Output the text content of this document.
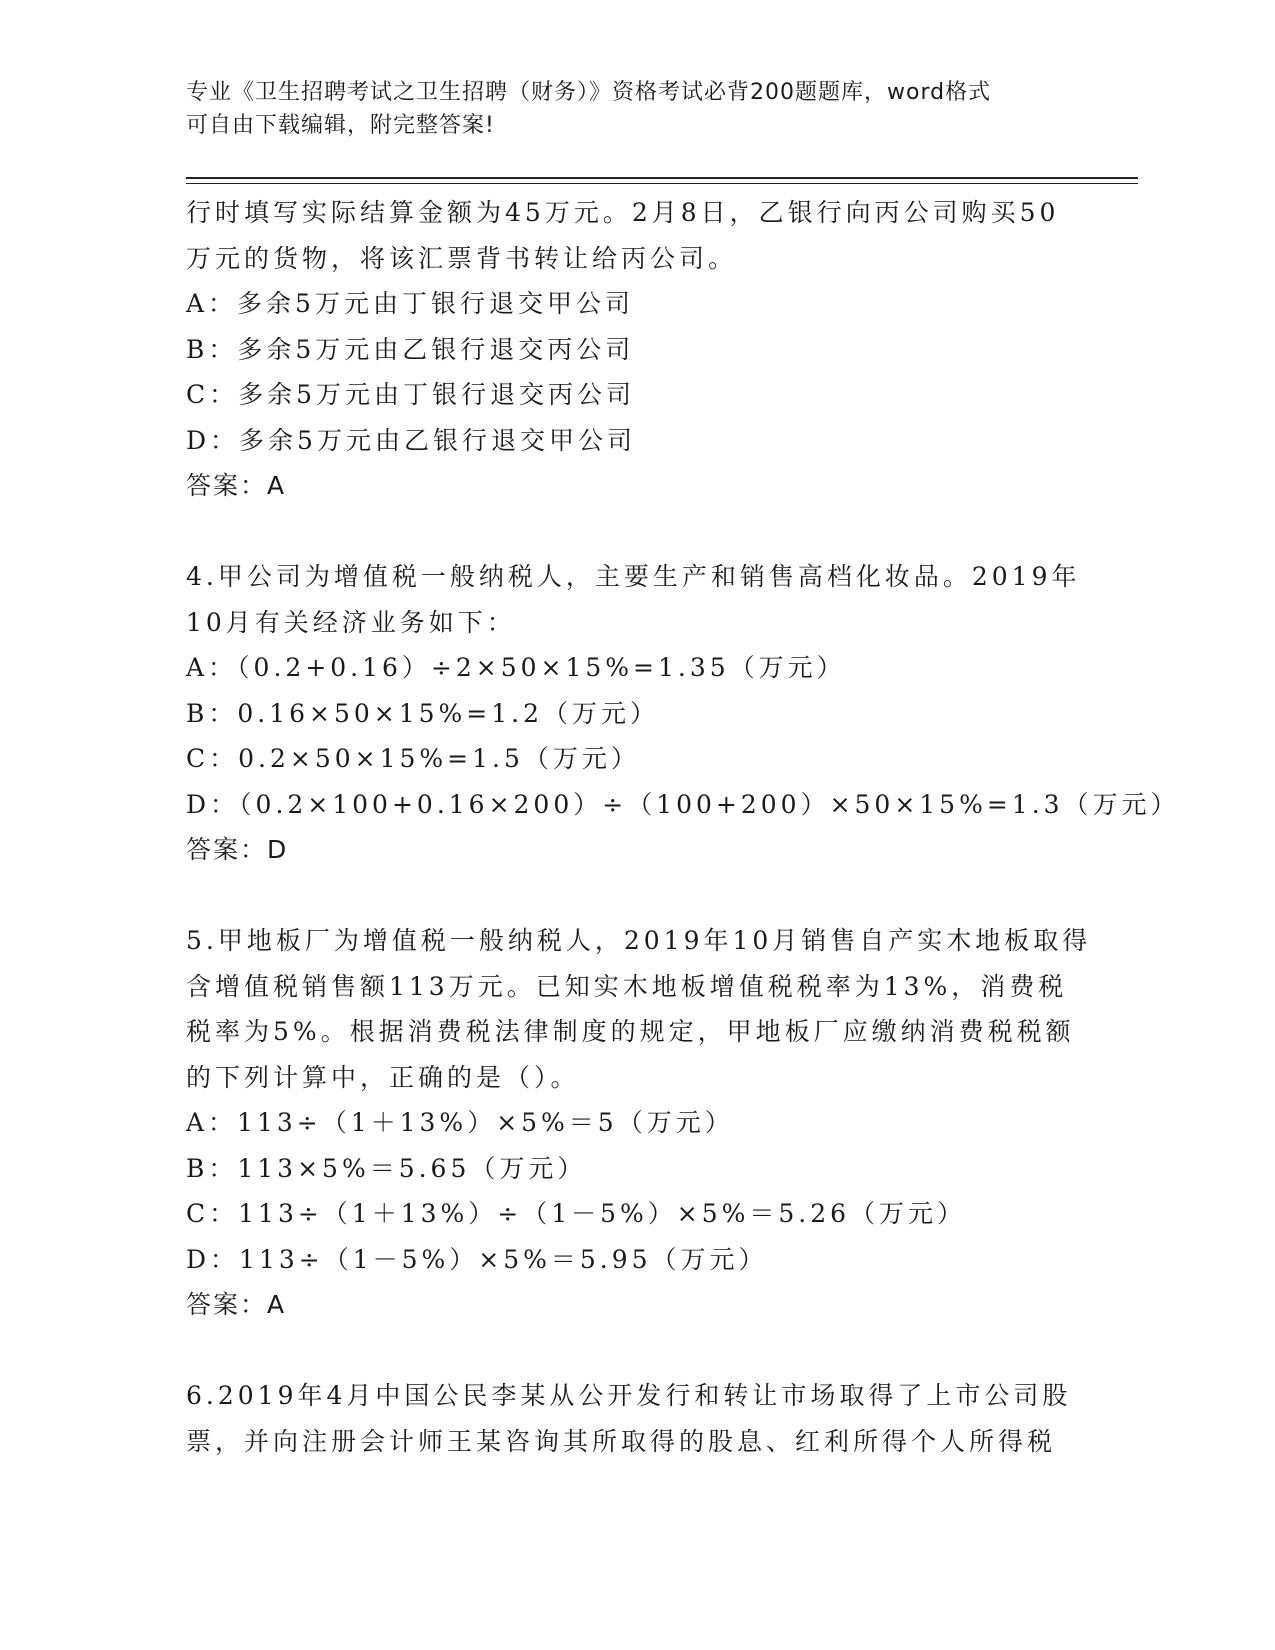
专业《卫生招聘考试之卫生招聘（财务）》资格考试必背200题题库，word格式
可自由下载编辑，附完整答案!
行时填写实际结算金额为45万元。2月8日，乙银行向丙公司购买50
万元的货物，将该汇票背书转让给丙公司。
A：多余5万元由丁银行退交甲公司
B：多余5万元由乙银行退交丙公司
C：多余5万元由丁银行退交丙公司
D：多余5万元由乙银行退交甲公司
答案：A
4.甲公司为增值税一般纳税人，主要生产和销售高档化妆品。2019年
10月有关经济业务如下：
A：（0.2+0.16）÷2×50×15%=1.35（万元）
B：0.16×50×15%=1.2（万元）
C：0.2×50×15%=1.5（万元）
D：（0.2×100+0.16×200）÷（100+200）×50×15%=1.3（万元）
答案：D
5.甲地板厂为增值税一般纳税人，2019年10月销售自产实木地板取得
含增值税销售额113万元。已知实木地板增值税税率为13%，消费税
税率为5%。根据消费税法律制度的规定，甲地板厂应缴纳消费税税额
的下列计算中，正确的是（）。
A：113÷（1＋13%）×5%＝5（万元）
B：113×5%＝5.65（万元）
C：113÷（1＋13%）÷（1－5%）×5%＝5.26（万元）
D：113÷（1－5%）×5%＝5.95（万元）
答案：A
6.2019年4月中国公民李某从公开发行和转让市场取得了上市公司股
票，并向注册会计师王某咨询其所取得的股息、红利所得个人所得税
